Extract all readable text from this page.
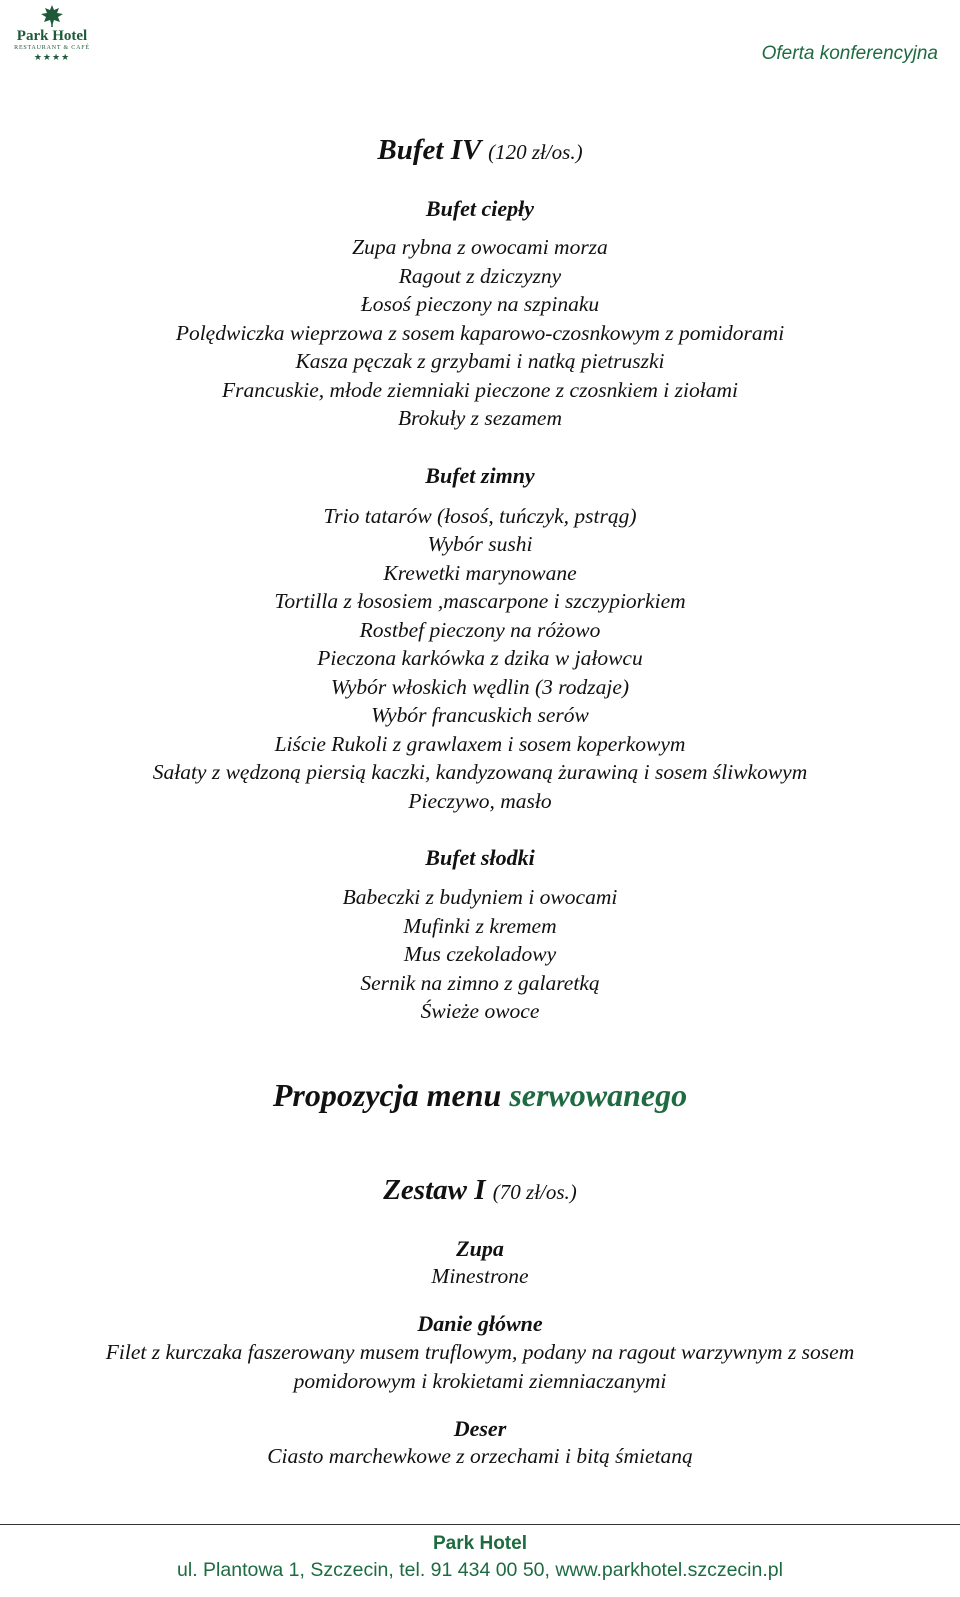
Park Hotel
RESTAURANT & CAFÉ
★★★★	Oferta konferencyjna
Bufet IV (120 zł/os.)
Bufet ciepły
Zupa rybna z owocami morza
Ragout z dziczyzny
Łosoś pieczony na szpinaku
Polędwiczka wieprzowa z sosem kaparowo-czosnkowym z pomidorami
Kasza pęczak z grzybami i natką pietruszki
Francuskie, młode ziemniaki pieczone z czosnkiem i ziołami
Brokuły z sezamem
Bufet zimny
Trio tatarów (łosoś, tuńczyk, pstrąg)
Wybór sushi
Krewetki marynowane
Tortilla z łososiem ,mascarpone i szczypiorkiem
Rostbef pieczony na różowo
Pieczona karkówka z dzika w jałowcu
Wybór włoskich wędlin (3 rodzaje)
Wybór francuskich serów
Liście Rukoli z grawlaxem i sosem koperkowym
Sałaty z wędzoną piersią kaczki, kandyzowaną żurawiną i sosem śliwkowym
Pieczywo, masło
Bufet słodki
Babeczki z budyniem i owocami
Mufinki z kremem
Mus czekoladowy
Sernik na zimno z galaretką
Świeże owoce
Propozycja menu serwowanego
Zestaw I (70 zł/os.)
Zupa
Minestrone
Danie główne
Filet z kurczaka faszerowany musem truflowym, podany na ragout warzywnym z sosem
pomidorowym i krokietami ziemniaczanymi
Deser
Ciasto marchewkowe z orzechami i bitą śmietaną
Park Hotel
ul. Plantowa 1, Szczecin, tel. 91 434 00 50, www.parkhotel.szczecin.pl
